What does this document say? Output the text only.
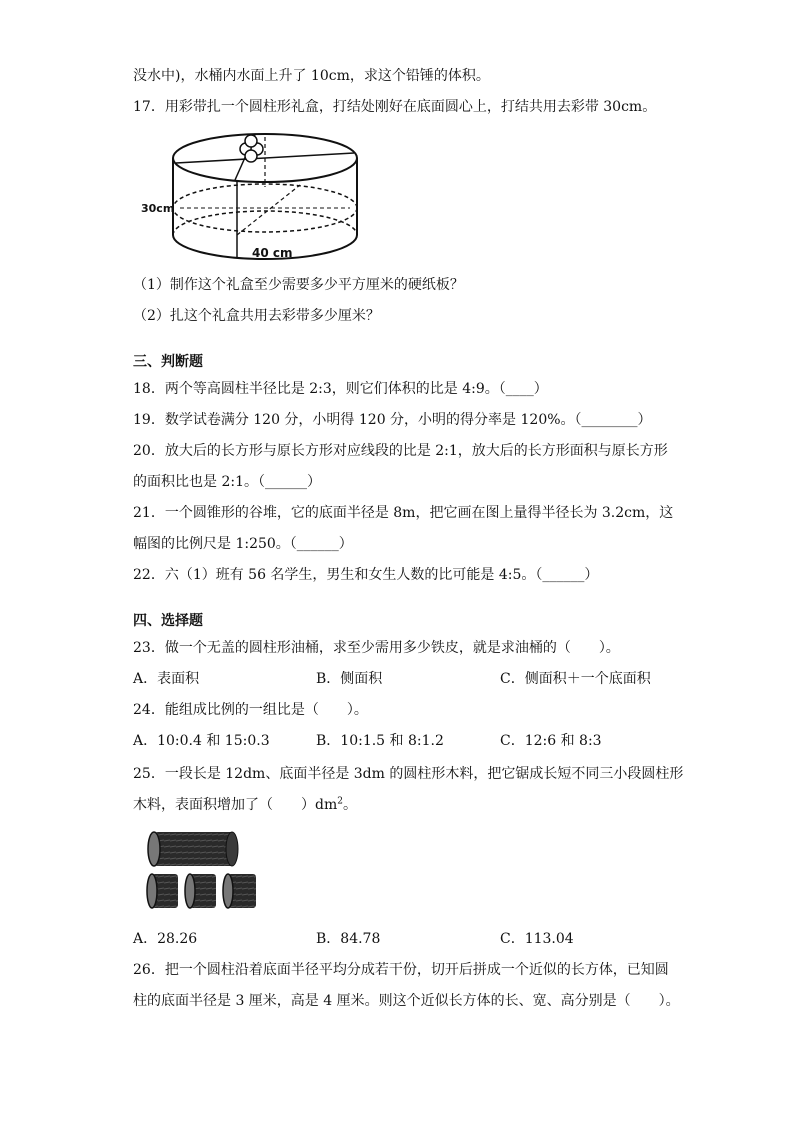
没水中)，水桶内水面上升了 10cm，求这个铅锤的体积。
17．用彩带扎一个圆柱形礼盒，打结处刚好在底面圆心上，打结共用去彩带 30cm。
30cm
40 cm
（1）制作这个礼盒至少需要多少平方厘米的硬纸板？
（2）扎这个礼盒共用去彩带多少厘米？
三、判断题
18．两个等高圆柱半径比是 2:3，则它们体积的比是 4:9。（____）
19．数学试卷满分 120 分，小明得 120 分，小明的得分率是 120%。（________）
20．放大后的长方形与原长方形对应线段的比是 2:1，放大后的长方形面积与原长方形
的面积比也是 2:1。（______）
21．一个圆锥形的谷堆，它的底面半径是 8m，把它画在图上量得半径长为 3.2cm，这
幅图的比例尺是 1:250。（______）
22．六（1）班有 56 名学生，男生和女生人数的比可能是 4:5。（______）
四、选择题
23．做一个无盖的圆柱形油桶，求至少需用多少铁皮，就是求油桶的（　　）。
A．表面积	B．侧面积	C．侧面积＋一个底面积
24．能组成比例的一组比是（　　）。
A．10:0.4 和 15:0.3	B．10:1.5 和 8:1.2	C．12:6 和 8:3
25．一段长是 12dm、底面半径是 3dm 的圆柱形木料，把它锯成长短不同三小段圆柱形
木料，表面积增加了（　　）$dm^2$。
A．28.26	B．84.78	C．113.04
26．把一个圆柱沿着底面半径平均分成若干份，切开后拼成一个近似的长方体，已知圆
柱的底面半径是 3 厘米，高是 4 厘米。则这个近似长方体的长、宽、高分别是（　　）。
